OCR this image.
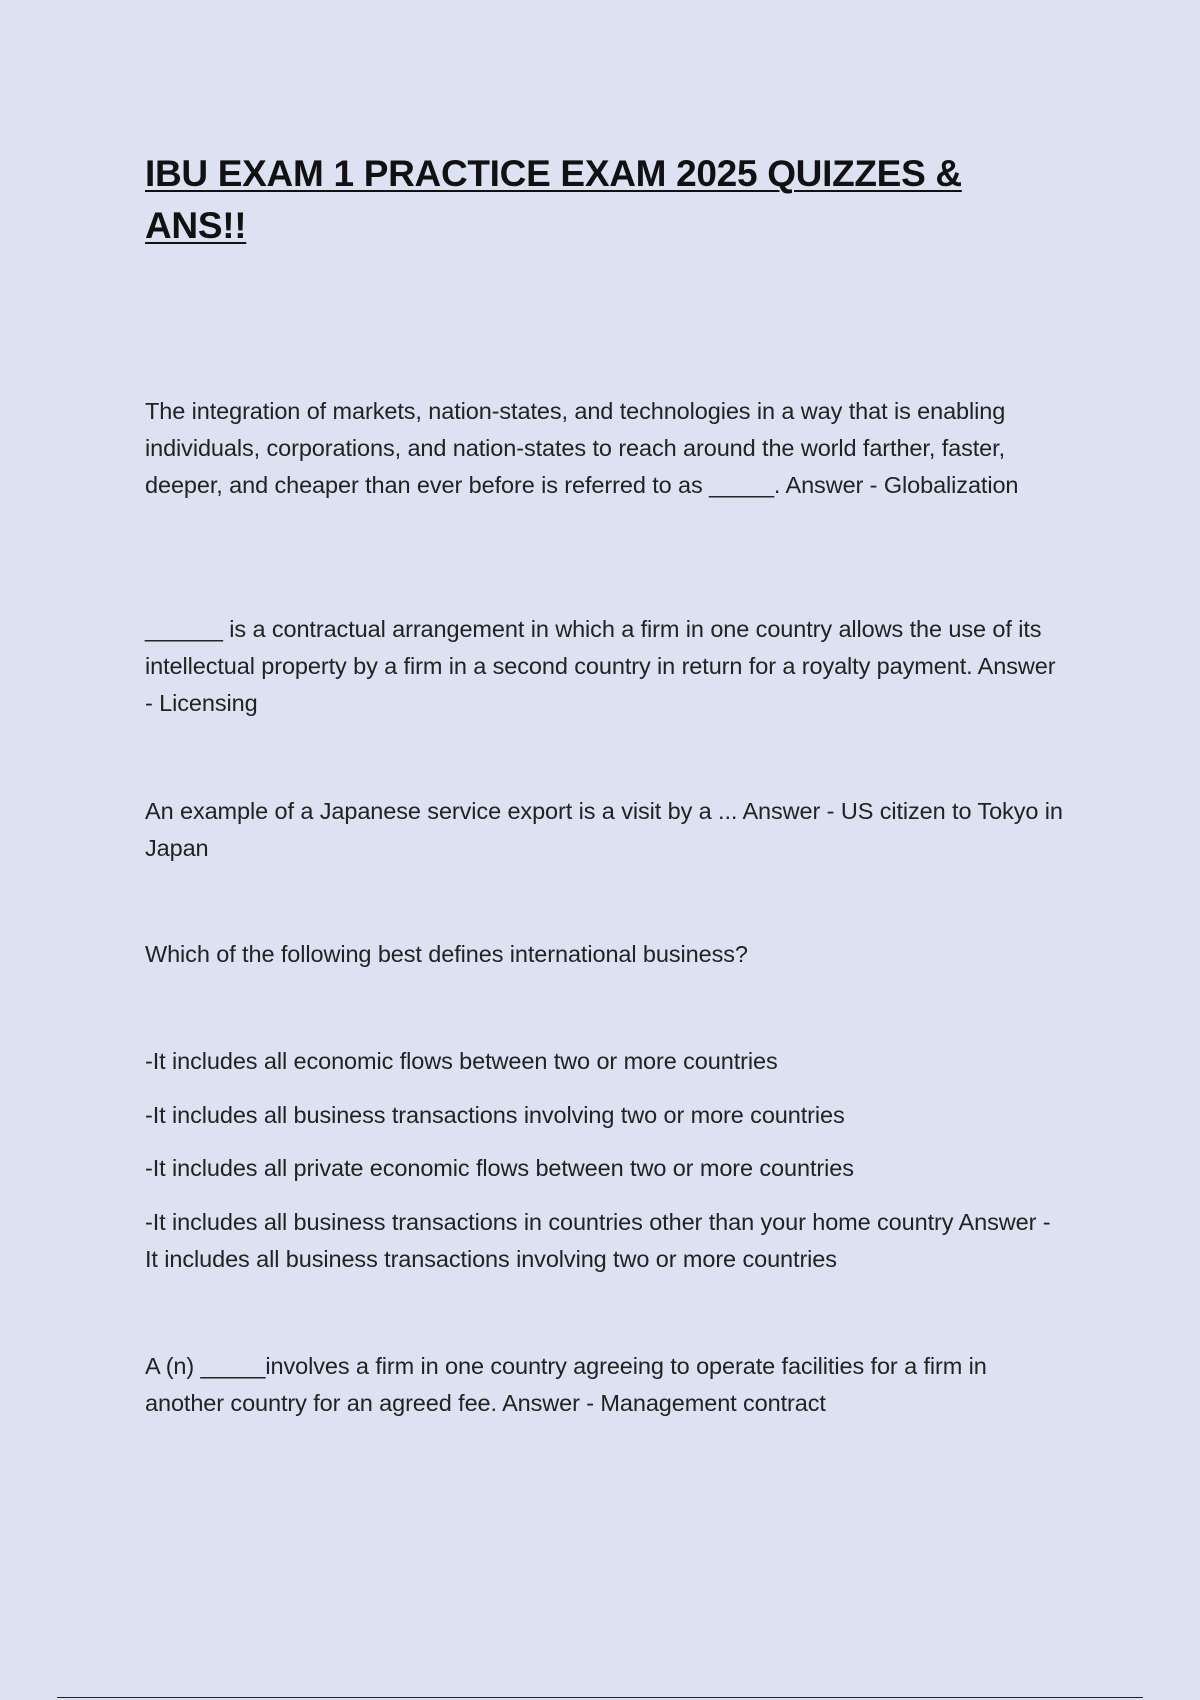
IBU EXAM 1 PRACTICE EXAM 2025 QUIZZES & ANS!!

The integration of markets, nation-states, and technologies in a way that is enabling individuals, corporations, and nation-states to reach around the world farther, faster, deeper, and cheaper than ever before is referred to as _____. Answer - Globalization

______ is a contractual arrangement in which a firm in one country allows the use of its intellectual property by a firm in a second country in return for a royalty payment. Answer - Licensing

An example of a Japanese service export is a visit by a ... Answer - US citizen to Tokyo in Japan

Which of the following best defines international business?

-It includes all economic flows between two or more countries

-It includes all business transactions involving two or more countries

-It includes all private economic flows between two or more countries

-It includes all business transactions in countries other than your home country Answer - It includes all business transactions involving two or more countries

A (n) _____involves a firm in one country agreeing to operate facilities for a firm in another country for an agreed fee. Answer - Management contract
